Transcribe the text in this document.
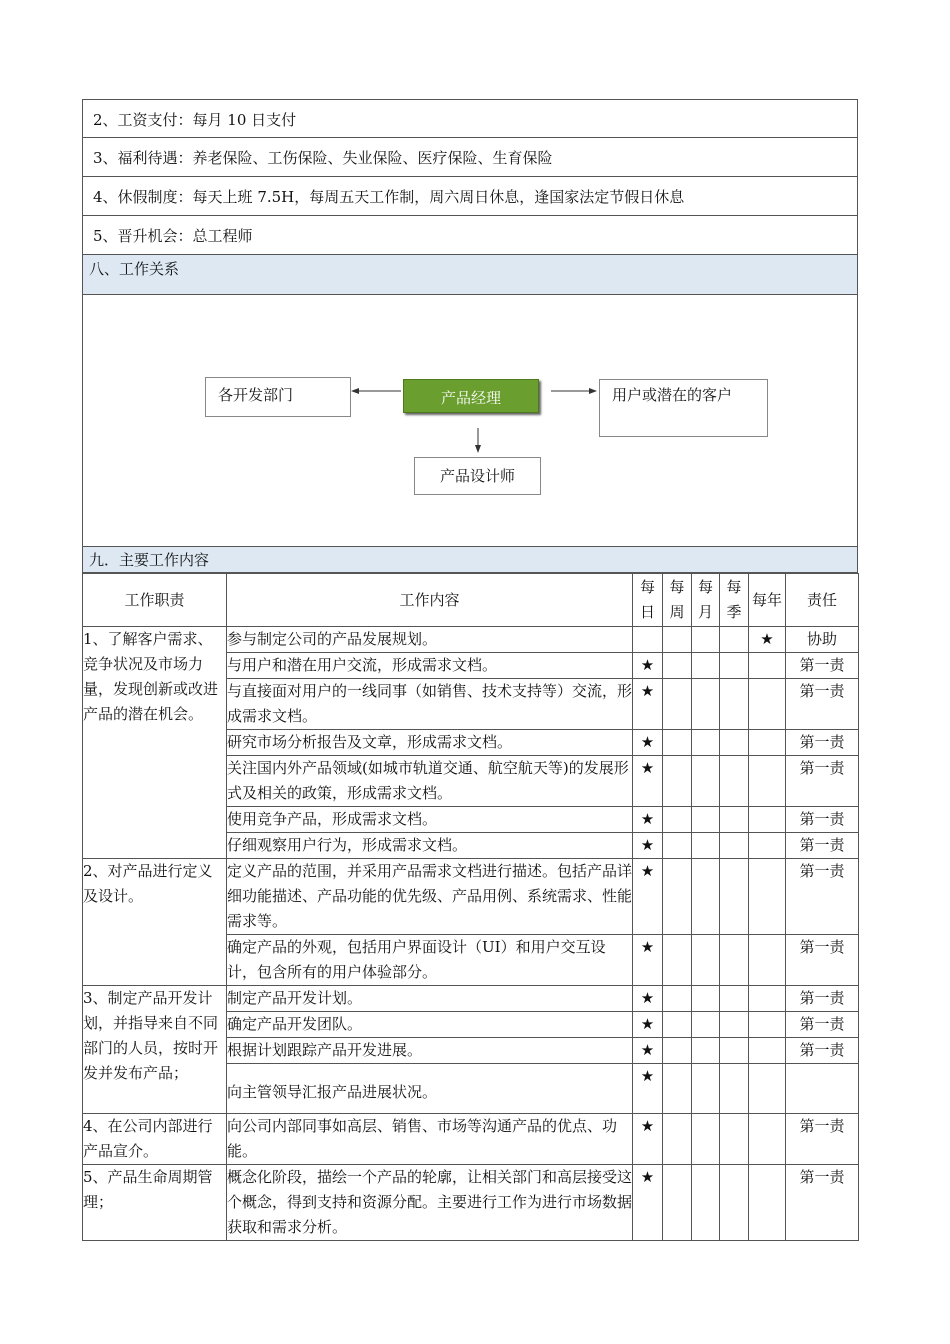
2、工资支付：每月 10 日支付
3、福利待遇：养老保险、工伤保险、失业保险、医疗保险、生育保险
4、休假制度：每天上班 7.5H，每周五天工作制，周六周日休息，逢国家法定节假日休息
5、晋升机会：总工程师
八、工作关系
各开发部门	产品经理	用户或潜在的客户
产品设计师
九．主要工作内容
工作职责	工作内容	每日	每周	每月	每季	每年	责任
1、了解客户需求、竞争状况及市场力量，发现创新或改进产品的潜在机会。	参与制定公司的产品发展规划。					★	协助
	与用户和潜在用户交流，形成需求文档。	★					第一责
	与直接面对用户的一线同事（如销售、技术支持等）交流，形成需求文档。	★					第一责
	研究市场分析报告及文章，形成需求文档。	★					第一责
	关注国内外产品领域(如城市轨道交通、航空航天等)的发展形式及相关的政策，形成需求文档。	★					第一责
	使用竞争产品，形成需求文档。	★					第一责
	仔细观察用户行为，形成需求文档。	★					第一责
2、对产品进行定义及设计。	定义产品的范围，并采用产品需求文档进行描述。包括产品详细功能描述、产品功能的优先级、产品用例、系统需求、性能需求等。	★					第一责
	确定产品的外观，包括用户界面设计（UI）和用户交互设计，包含所有的用户体验部分。	★					第一责
3、制定产品开发计划，并指导来自不同部门的人员，按时开发并发布产品；	制定产品开发计划。	★					第一责
	确定产品开发团队。	★					第一责
	根据计划跟踪产品开发进展。	★					第一责
	向主管领导汇报产品进展状况。	★					
4、在公司内部进行产品宣介。	向公司内部同事如高层、销售、市场等沟通产品的优点、功能。	★					第一责
5、产品生命周期管理；	概念化阶段，描绘一个产品的轮廓，让相关部门和高层接受这个概念，得到支持和资源分配。主要进行工作为进行市场数据获取和需求分析。	★					第一责
